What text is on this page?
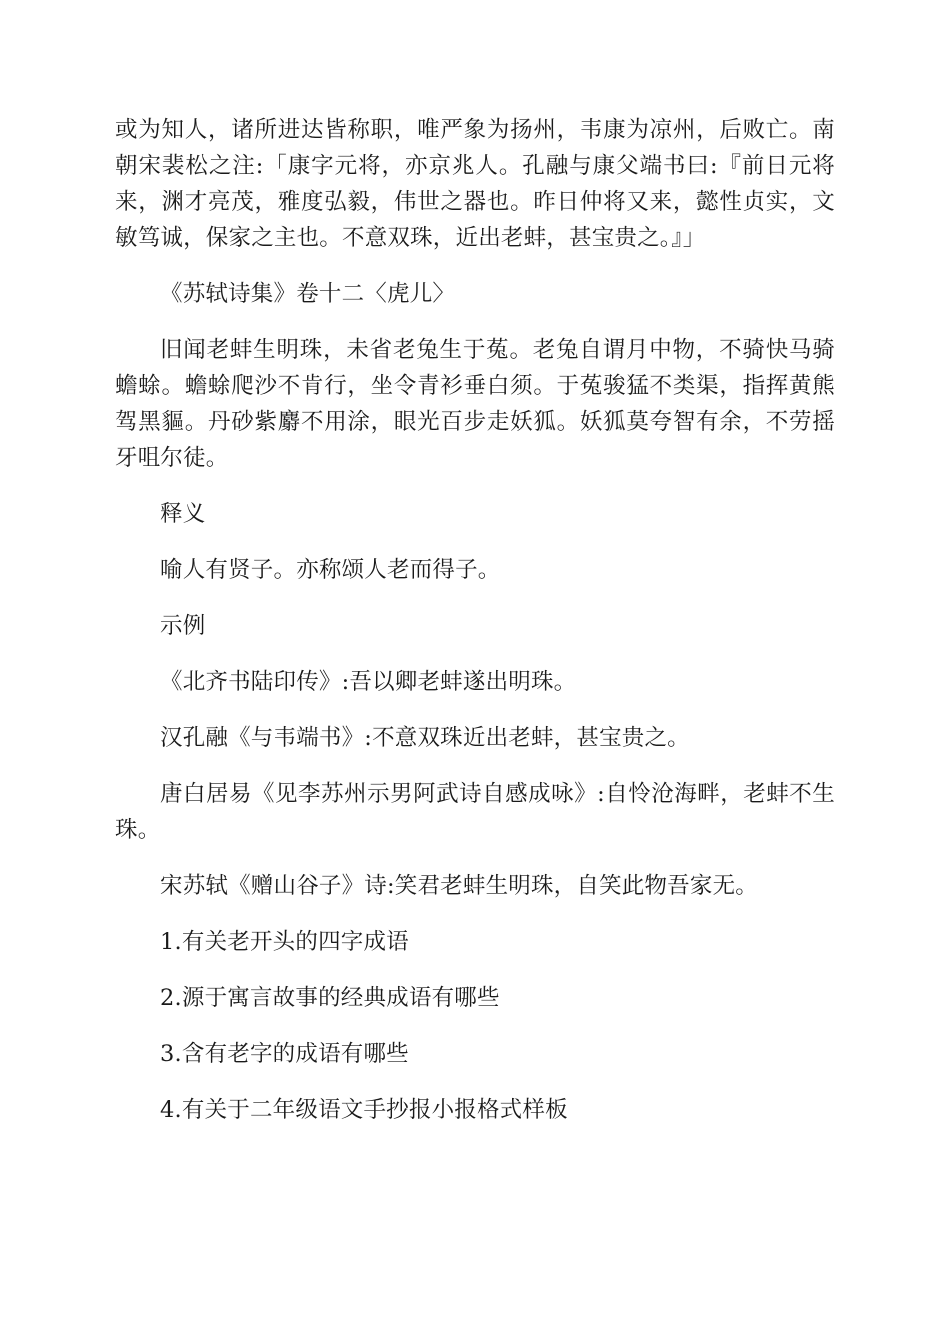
或为知人，诸所进达皆称职，唯严象为扬州，韦康为凉州，后败亡。南朝宋裴松之注:「康字元将，亦京兆人。孔融与康父端书曰:『前日元将来，渊才亮茂，雅度弘毅，伟世之器也。昨日仲将又来，懿性贞实，文敏笃诚，保家之主也。不意双珠，近出老蚌，甚宝贵之。』」

《苏轼诗集》卷十二〈虎儿〉

旧闻老蚌生明珠，未省老兔生于菟。老兔自谓月中物，不骑快马骑蟾蜍。蟾蜍爬沙不肯行，坐令青衫垂白须。于菟骏猛不类渠，指挥黄熊驾黑貙。丹砂紫麝不用涂，眼光百步走妖狐。妖狐莫夸智有余，不劳摇牙咀尔徒。

释义

喻人有贤子。亦称颂人老而得子。

示例

《北齐书陆印传》:吾以卿老蚌遂出明珠。

汉孔融《与韦端书》:不意双珠近出老蚌，甚宝贵之。

唐白居易《见李苏州示男阿武诗自感成咏》:自怜沧海畔，老蚌不生珠。

宋苏轼《赠山谷子》诗:笑君老蚌生明珠，自笑此物吾家无。

1.有关老开头的四字成语

2.源于寓言故事的经典成语有哪些

3.含有老字的成语有哪些

4.有关于二年级语文手抄报小报格式样板
